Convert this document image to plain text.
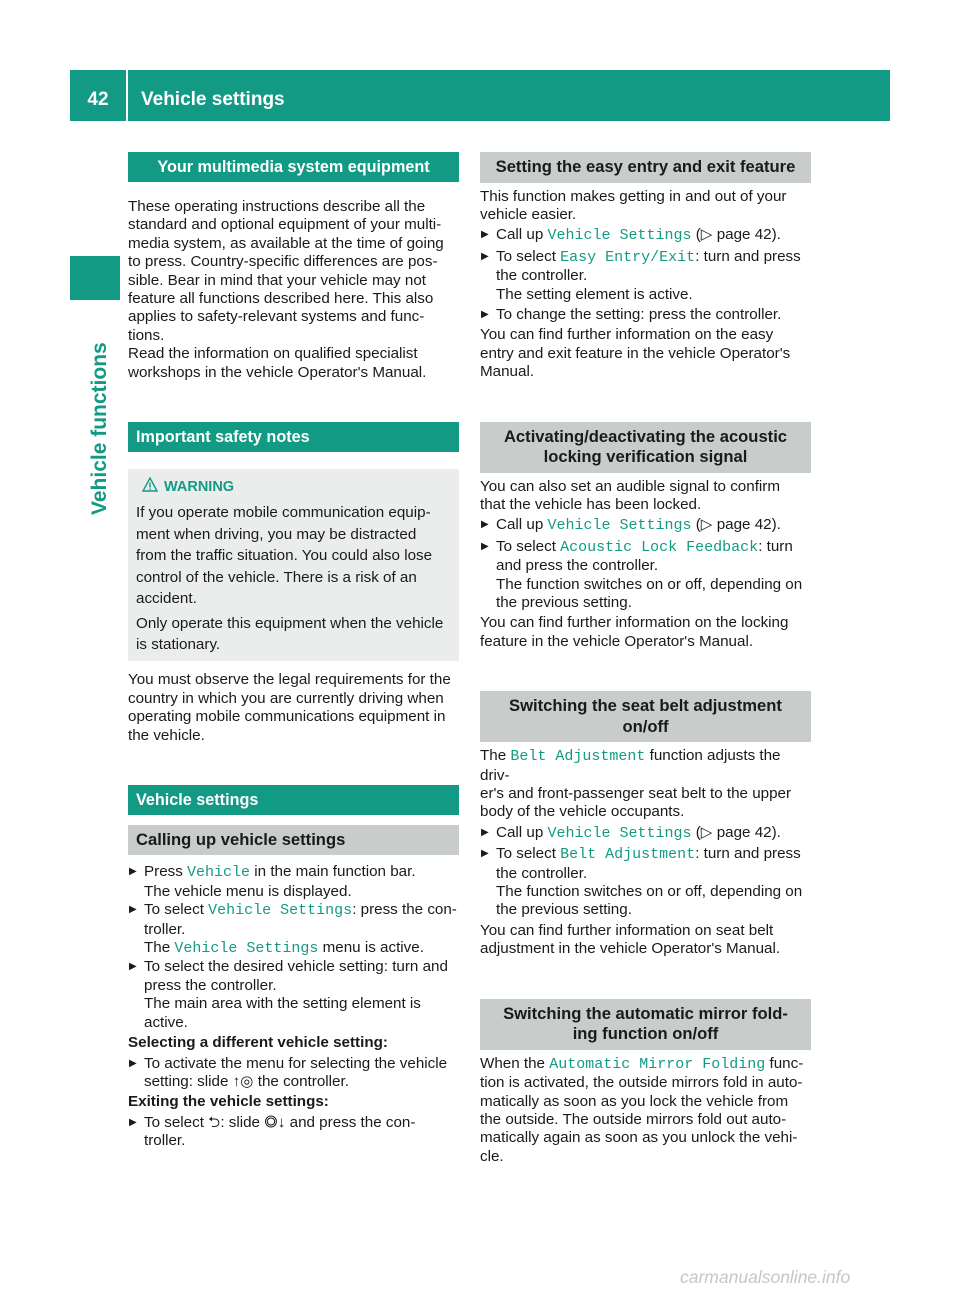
42	Vehicle settings
Vehicle functions
Your multimedia system equipment

These operating instructions describe all the
standard and optional equipment of your multi-
media system, as available at the time of going
to press. Country-specific differences are pos-
sible. Bear in mind that your vehicle may not
feature all functions described here. This also
applies to safety-relevant systems and func-
tions.

Read the information on qualified specialist
workshops in the vehicle Operator's Manual.

Important safety notes
WARNING

If you operate mobile communication equip-
ment when driving, you may be distracted
from the traffic situation. You could also lose
control of the vehicle. There is a risk of an
accident.

Only operate this equipment when the vehicle
is stationary.

You must observe the legal requirements for the
country in which you are currently driving when
operating mobile communications equipment in
the vehicle.

Vehicle settings
Calling up vehicle settings
▶ Press Vehicle in the main function bar.
The vehicle menu is displayed.
▶ To select Vehicle Settings: press the con-
troller.
The Vehicle Settings menu is active.
▶ To select the desired vehicle setting: turn and
press the controller.
The main area with the setting element is
active.

Selecting a different vehicle setting:

▶ To activate the menu for selecting the vehicle
setting: slide ↑◎ the controller.

Exiting the vehicle settings:

▶ To select ⮌: slide ◎↓ and press the con-
troller.
Setting the easy entry and exit feature

This function makes getting in and out of your
vehicle easier.

▶ Call up Vehicle Settings (▷ page 42).
▶ To select Easy Entry/Exit: turn and press
the controller.
The setting element is active.
▶ To change the setting: press the controller.

You can find further information on the easy
entry and exit feature in the vehicle Operator's
Manual.

Activating/deactivating the acoustic
locking verification signal

You can also set an audible signal to confirm
that the vehicle has been locked.

▶ Call up Vehicle Settings (▷ page 42).
▶ To select Acoustic Lock Feedback: turn
and press the controller.
The function switches on or off, depending on
the previous setting.

You can find further information on the locking
feature in the vehicle Operator's Manual.

Switching the seat belt adjustment
on/off

The Belt Adjustment function adjusts the driv-
er's and front-passenger seat belt to the upper
body of the vehicle occupants.

▶ Call up Vehicle Settings (▷ page 42).
▶ To select Belt Adjustment: turn and press
the controller.
The function switches on or off, depending on
the previous setting.

You can find further information on seat belt
adjustment in the vehicle Operator's Manual.

Switching the automatic mirror fold-
ing function on/off

When the Automatic Mirror Folding func-
tion is activated, the outside mirrors fold in auto-
matically as soon as you lock the vehicle from
the outside. The outside mirrors fold out auto-
matically again as soon as you unlock the vehi-
cle.

carmanualsonline.info
